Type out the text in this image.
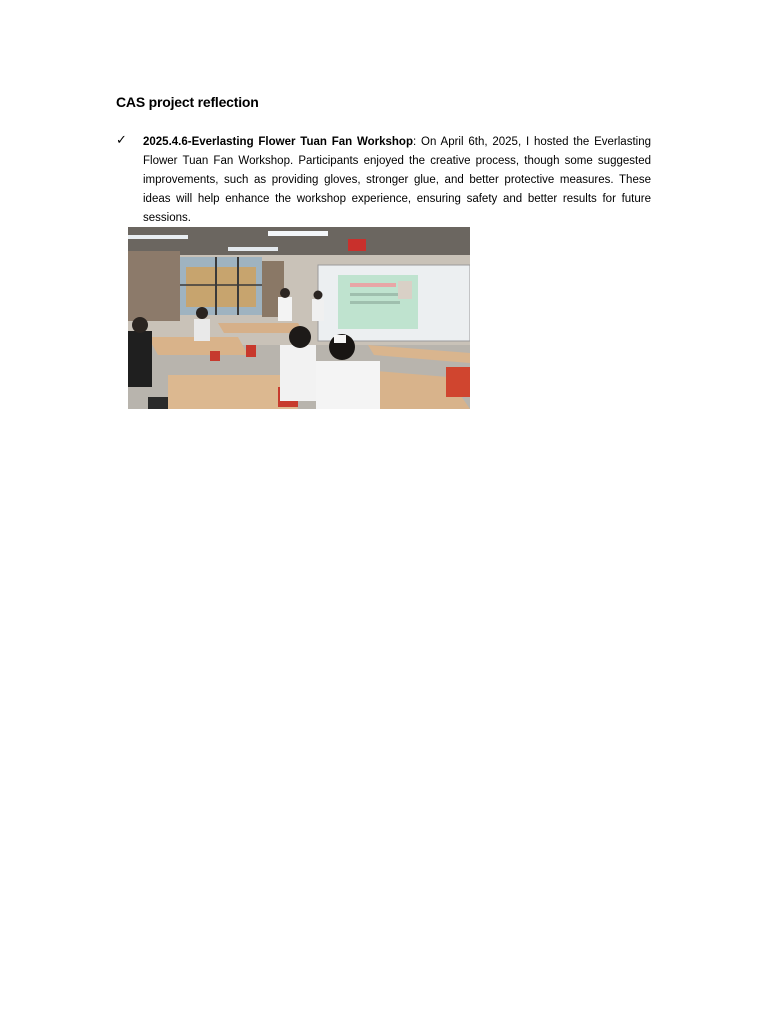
CAS project reflection
✓ 2025.4.6-Everlasting Flower Tuan Fan Workshop: On April 6th, 2025, I hosted the Everlasting Flower Tuan Fan Workshop. Participants enjoyed the creative process, though some suggested improvements, such as providing gloves, stronger glue, and better protective measures. These ideas will help enhance the workshop experience, ensuring safety and better results for future sessions.
